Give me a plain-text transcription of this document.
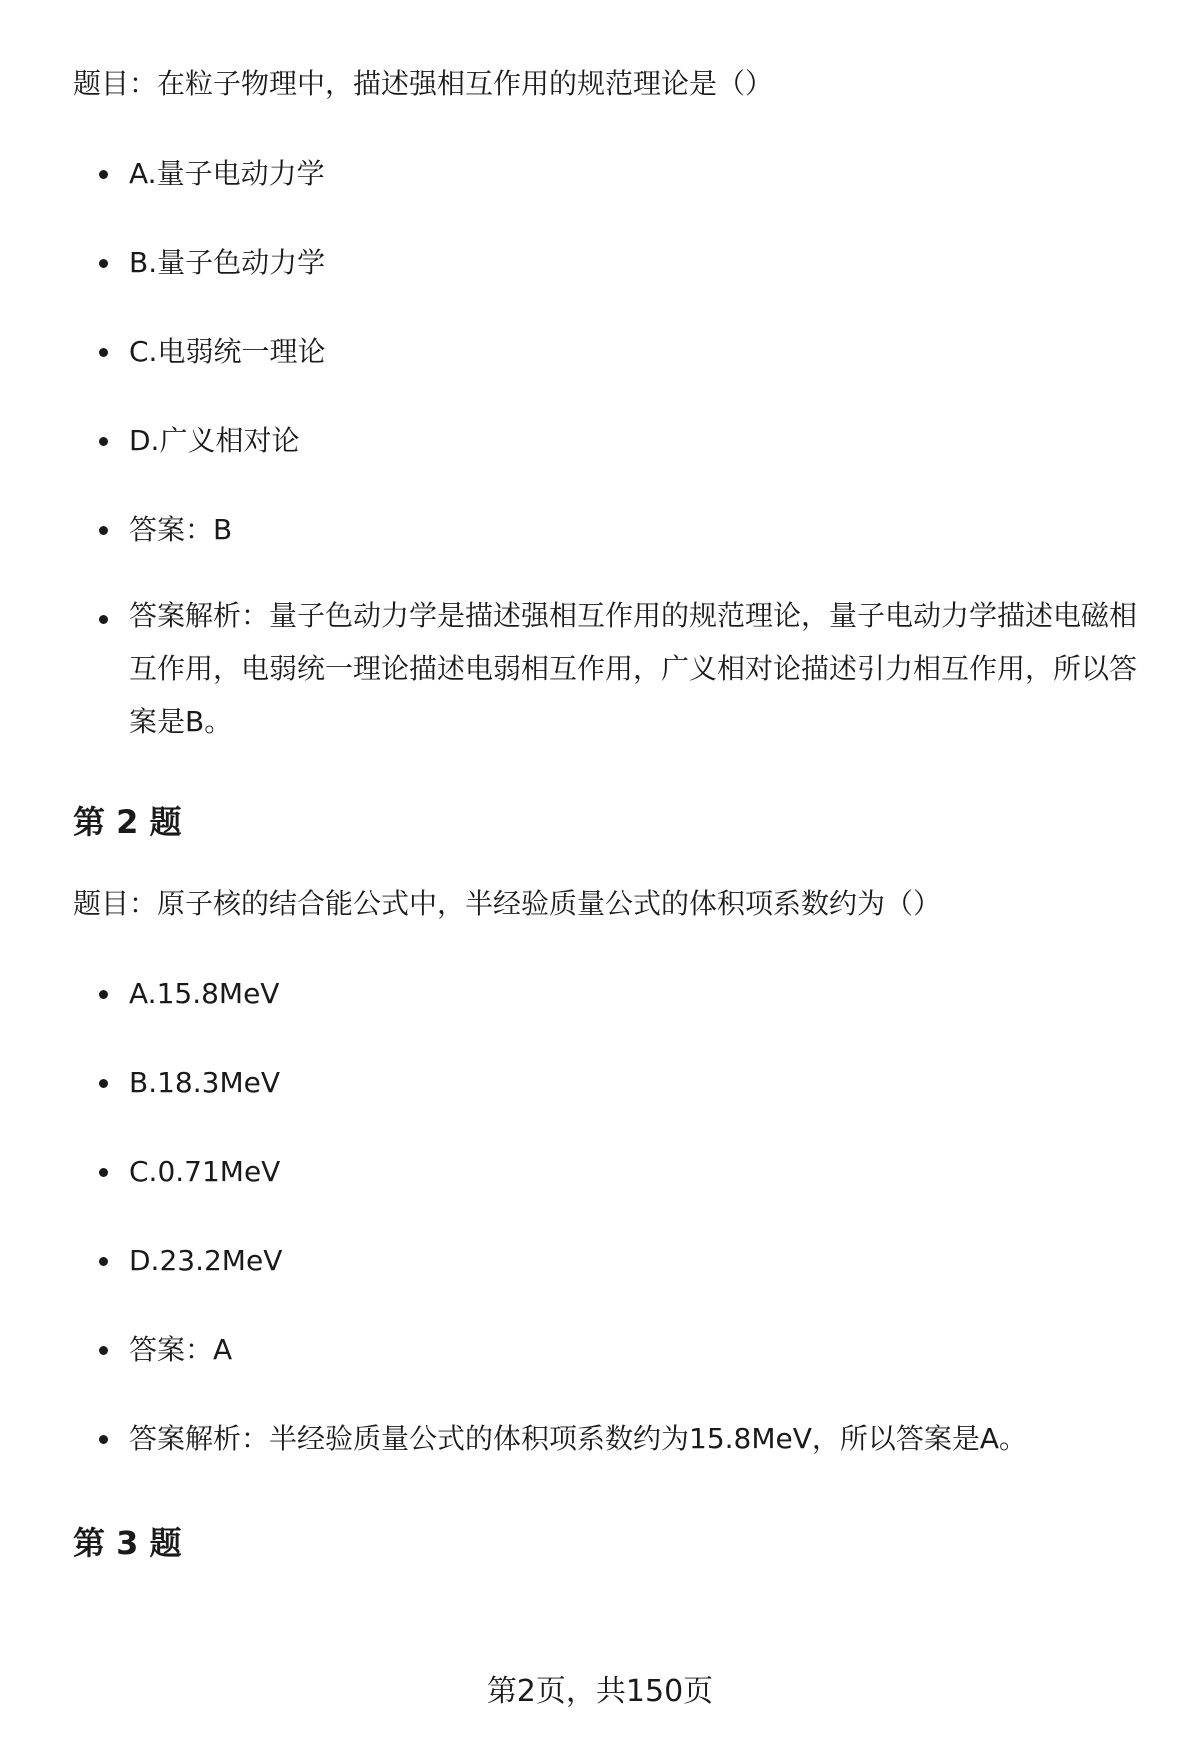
题目：在粒子物理中，描述强相互作用的规范理论是（）

A.量子电动力学
B.量子色动力学
C.电弱统一理论
D.广义相对论
答案：B
答案解析：量子色动力学是描述强相互作用的规范理论，量子电动力学描述电磁相互作用，电弱统一理论描述电弱相互作用，广义相对论描述引力相互作用，所以答案是B。
第 2 题

题目：原子核的结合能公式中，半经验质量公式的体积项系数约为（）

A.15.8MeV
B.18.3MeV
C.0.71MeV
D.23.2MeV
答案：A
答案解析：半经验质量公式的体积项系数约为15.8MeV，所以答案是A。
第 3 题
第2页，共150页
